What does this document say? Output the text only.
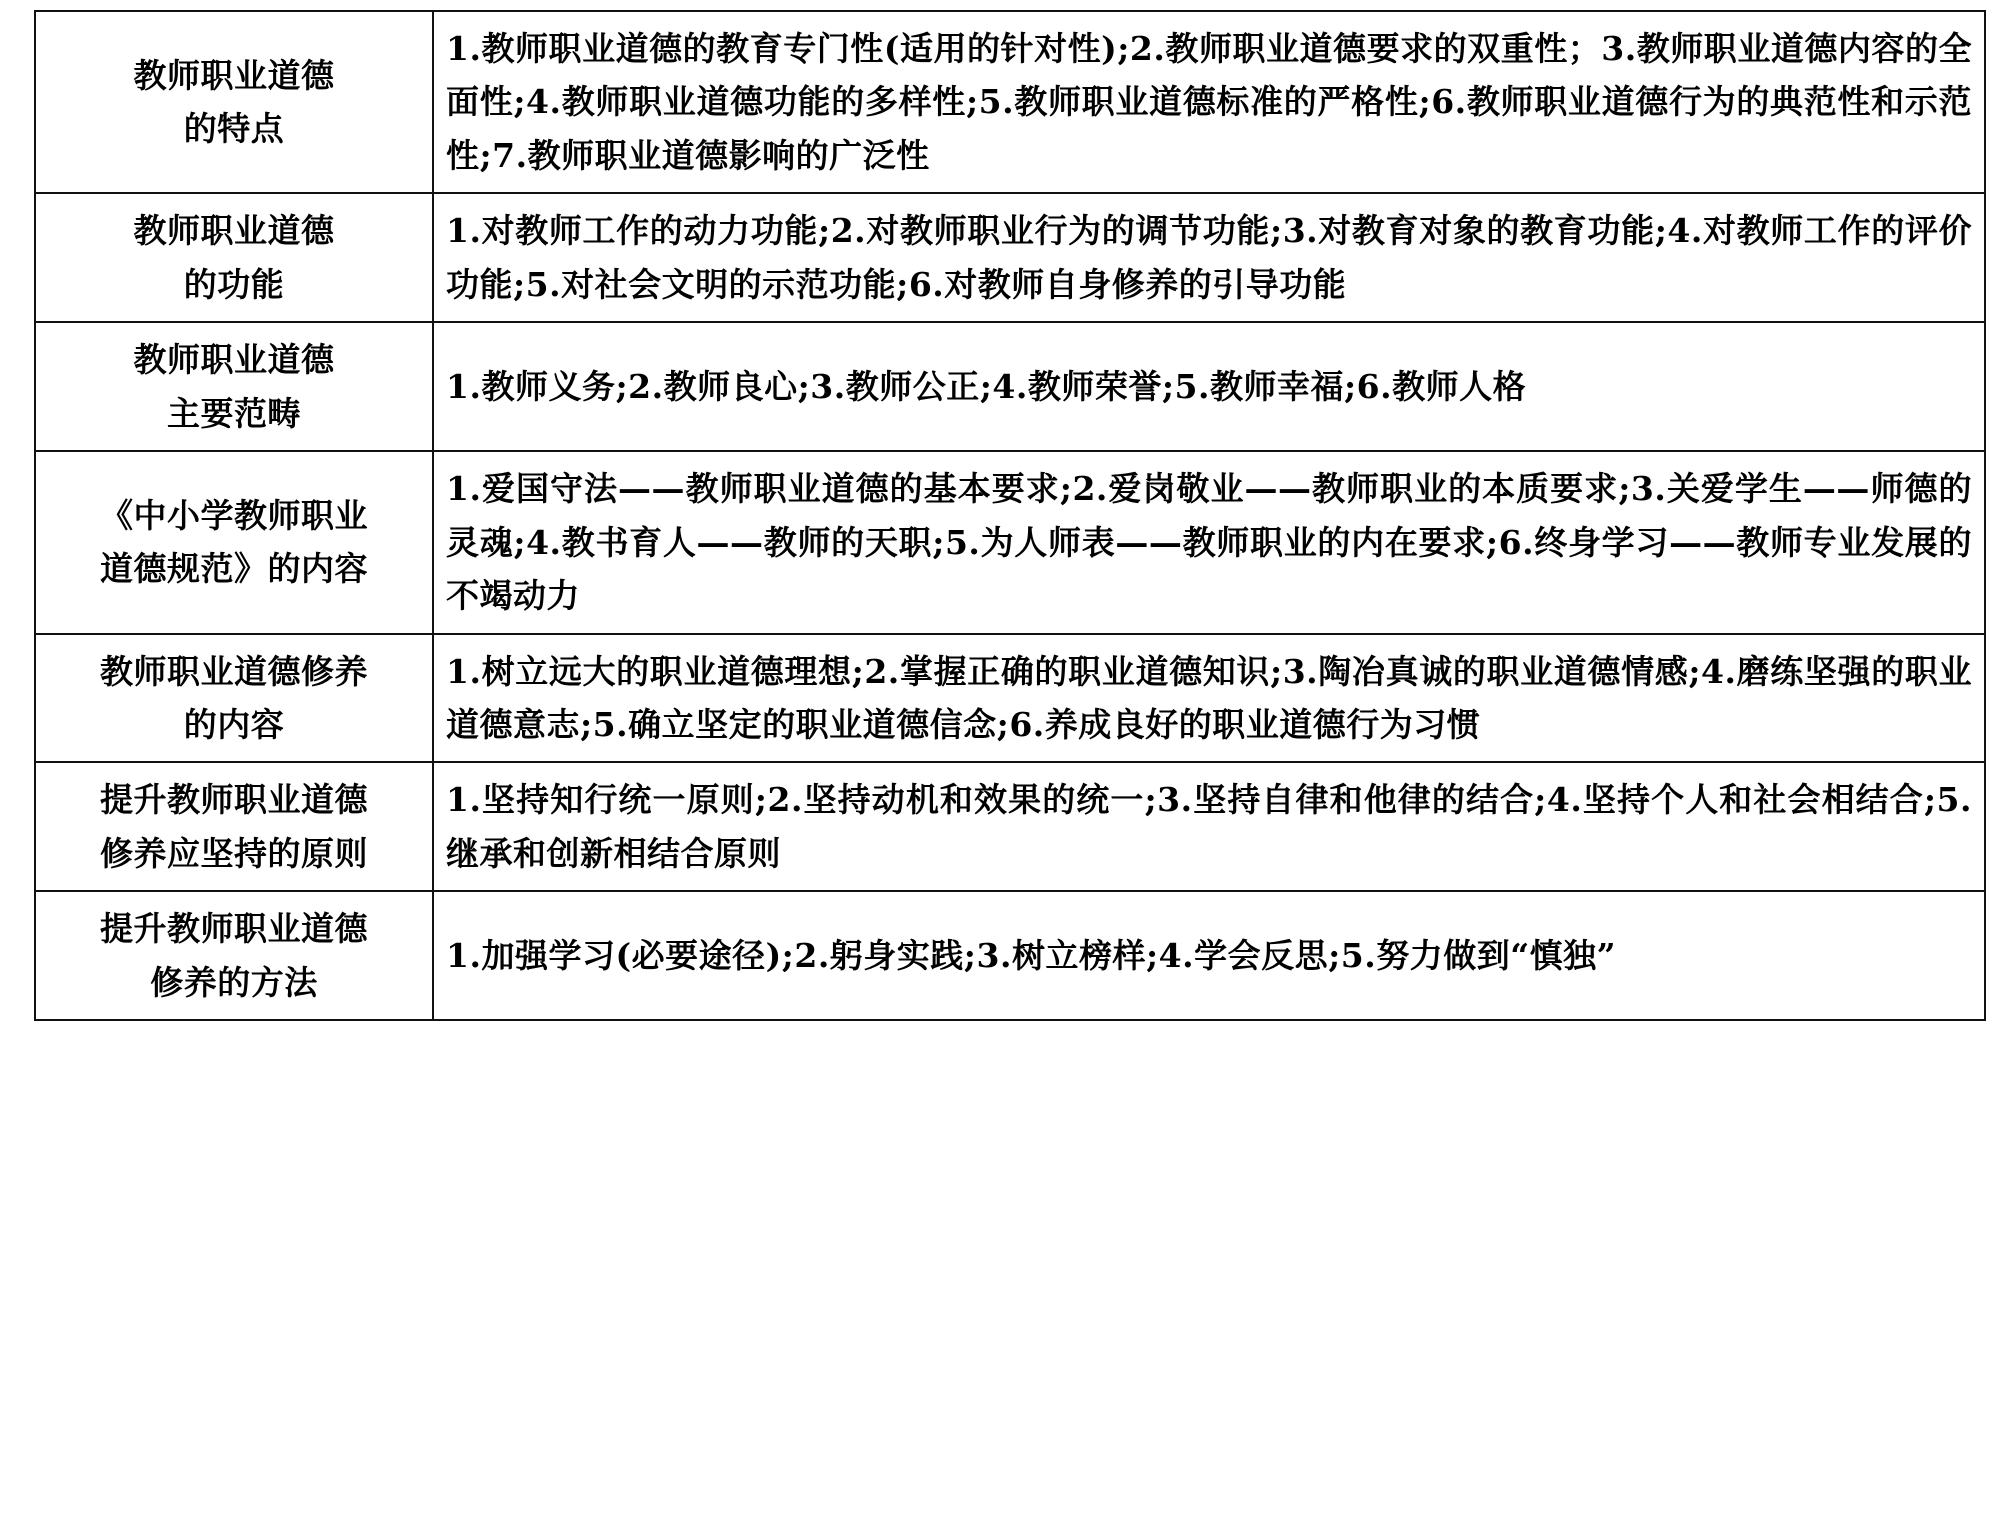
教师职业道德
的特点	1.教师职业道德的教育专门性(适用的针对性);2.教师职业道德要求的双重性；3.教师职业道德内容的全面性;4.教师职业道德功能的多样性;5.教师职业道德标准的严格性;6.教师职业道德行为的典范性和示范性;7.教师职业道德影响的广泛性

教师职业道德
的功能	1.对教师工作的动力功能;2.对教师职业行为的调节功能;3.对教育对象的教育功能;4.对教师工作的评价功能;5.对社会文明的示范功能;6.对教师自身修养的引导功能

教师职业道德
主要范畴	1.教师义务;2.教师良心;3.教师公正;4.教师荣誉;5.教师幸福;6.教师人格

《中小学教师职业
道德规范》的内容	1.爱国守法——教师职业道德的基本要求;2.爱岗敬业——教师职业的本质要求;3.关爱学生——师德的灵魂;4.教书育人——教师的天职;5.为人师表——教师职业的内在要求;6.终身学习——教师专业发展的不竭动力

教师职业道德修养
的内容	1.树立远大的职业道德理想;2.掌握正确的职业道德知识;3.陶冶真诚的职业道德情感;4.磨练坚强的职业道德意志;5.确立坚定的职业道德信念;6.养成良好的职业道德行为习惯

提升教师职业道德
修养应坚持的原则	1.坚持知行统一原则;2.坚持动机和效果的统一;3.坚持自律和他律的结合;4.坚持个人和社会相结合;5.继承和创新相结合原则

提升教师职业道德
修养的方法	1.加强学习(必要途径);2.躬身实践;3.树立榜样;4.学会反思;5.努力做到“慎独”
